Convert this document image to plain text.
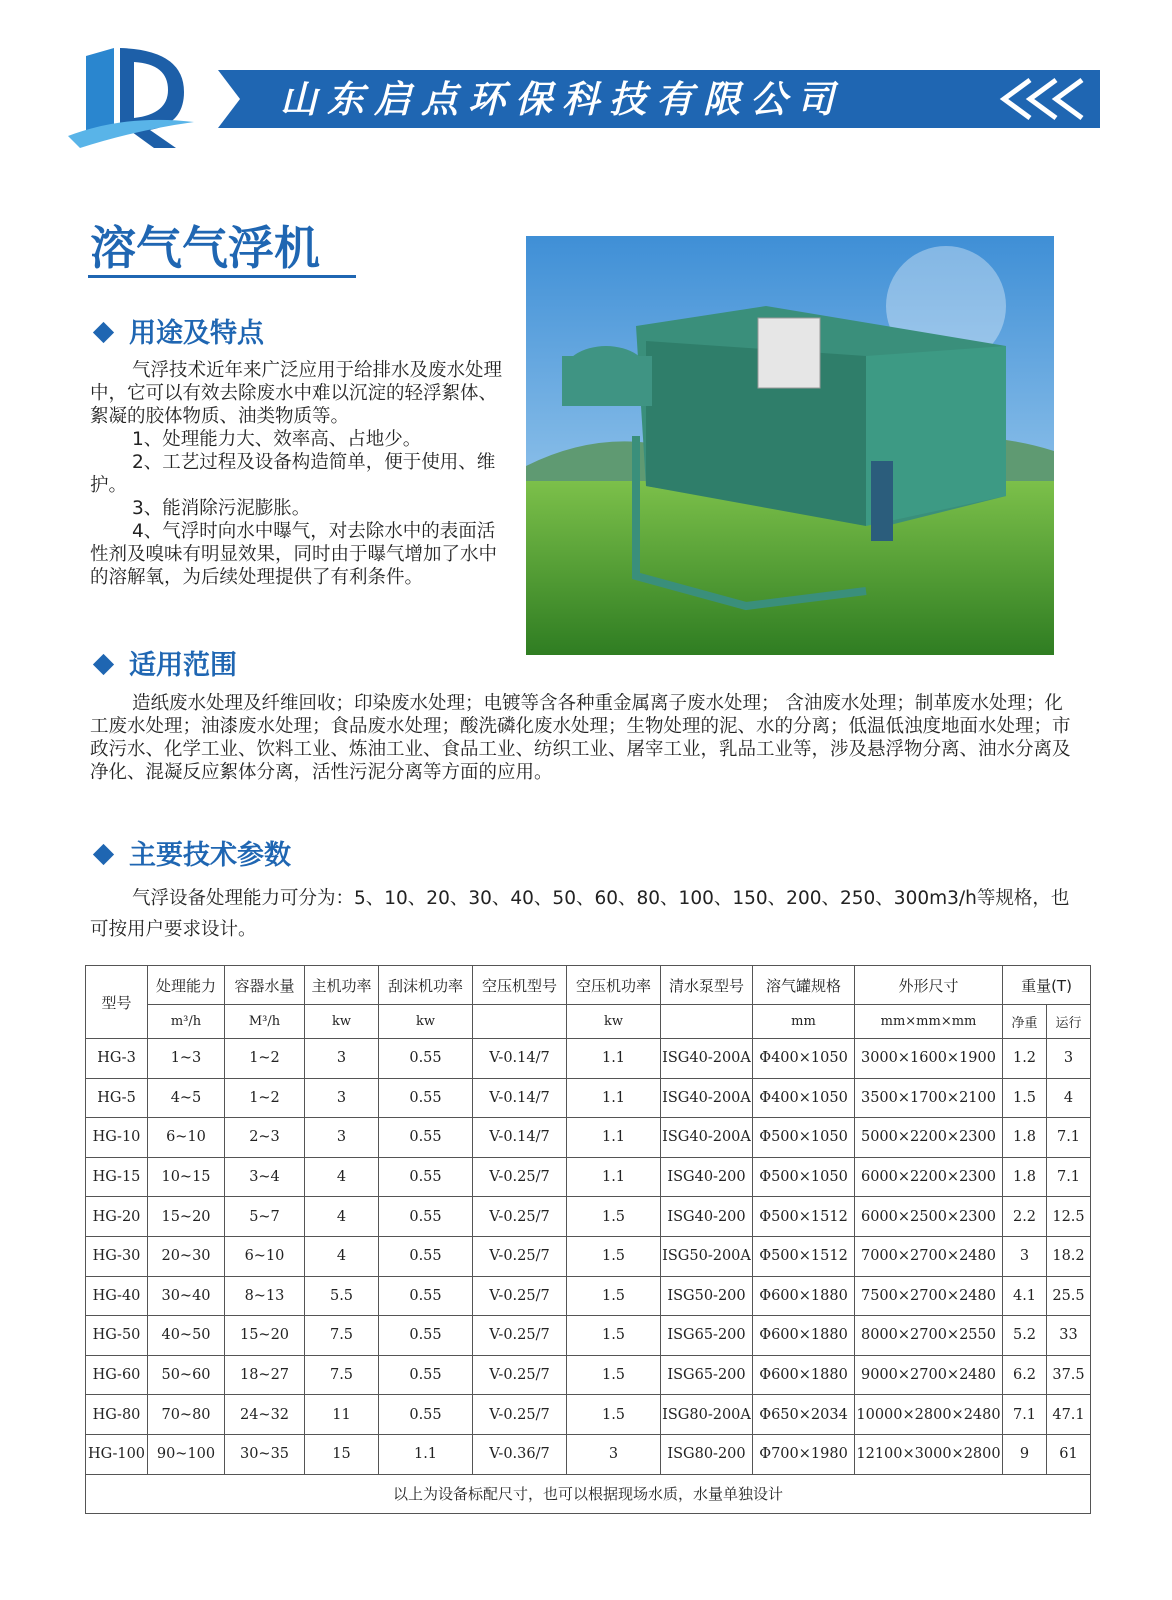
山东启点环保科技有限公司
溶气气浮机
用途及特点

气浮技术近年来广泛应用于给排水及废水处理中，它可以有效去除废水中难以沉淀的轻浮絮体、絮凝的胶体物质、油类物质等。

1、处理能力大、效率高、占地少。

2、工艺过程及设备构造简单，便于使用、维护。

3、能消除污泥膨胀。

4、气浮时向水中曝气，对去除水中的表面活性剂及嗅味有明显效果，同时由于曝气增加了水中的溶解氧，为后续处理提供了有利条件。

适用范围

造纸废水处理及纤维回收；印染废水处理；电镀等含各种重金属离子废水处理； 含油废水处理；制革废水处理；化工废水处理；油漆废水处理；食品废水处理；酸洗磷化废水处理；生物处理的泥、水的分离；低温低浊度地面水处理；市政污水、化学工业、饮料工业、炼油工业、食品工业、纺织工业、屠宰工业，乳品工业等，涉及悬浮物分离、油水分离及净化、混凝反应絮体分离，活性污泥分离等方面的应用。

主要技术参数

气浮设备处理能力可分为：5、10、20、30、40、50、60、80、100、150、200、250、300m3/h等规格，也可按用户要求设计。

型号	处理能力	容器水量	主机功率	刮沫机功率	空压机型号	空压机功率	清水泵型号	溶气罐规格	外形尺寸	重量(T)	
	m³/h	M³/h	kw	kw		kw		mm	mm×mm×mm	净重	运行
HG-3	1~3	1~2	3	0.55	V-0.14/7	1.1	ISG40-200A	Φ400×1050	3000×1600×1900	1.2	3
HG-5	4~5	1~2	3	0.55	V-0.14/7	1.1	ISG40-200A	Φ400×1050	3500×1700×2100	1.5	4
HG-10	6~10	2~3	3	0.55	V-0.14/7	1.1	ISG40-200A	Φ500×1050	5000×2200×2300	1.8	7.1
HG-15	10~15	3~4	4	0.55	V-0.25/7	1.1	ISG40-200	Φ500×1050	6000×2200×2300	1.8	7.1
HG-20	15~20	5~7	4	0.55	V-0.25/7	1.5	ISG40-200	Φ500×1512	6000×2500×2300	2.2	12.5
HG-30	20~30	6~10	4	0.55	V-0.25/7	1.5	ISG50-200A	Φ500×1512	7000×2700×2480	3	18.2
HG-40	30~40	8~13	5.5	0.55	V-0.25/7	1.5	ISG50-200	Φ600×1880	7500×2700×2480	4.1	25.5
HG-50	40~50	15~20	7.5	0.55	V-0.25/7	1.5	ISG65-200	Φ600×1880	8000×2700×2550	5.2	33
HG-60	50~60	18~27	7.5	0.55	V-0.25/7	1.5	ISG65-200	Φ600×1880	9000×2700×2480	6.2	37.5
HG-80	70~80	24~32	11	0.55	V-0.25/7	1.5	ISG80-200A	Φ650×2034	10000×2800×2480	7.1	47.1
HG-100	90~100	30~35	15	1.1	V-0.36/7	3	ISG80-200	Φ700×1980	12100×3000×2800	9	61
以上为设备标配尺寸，也可以根据现场水质，水量单独设计											
